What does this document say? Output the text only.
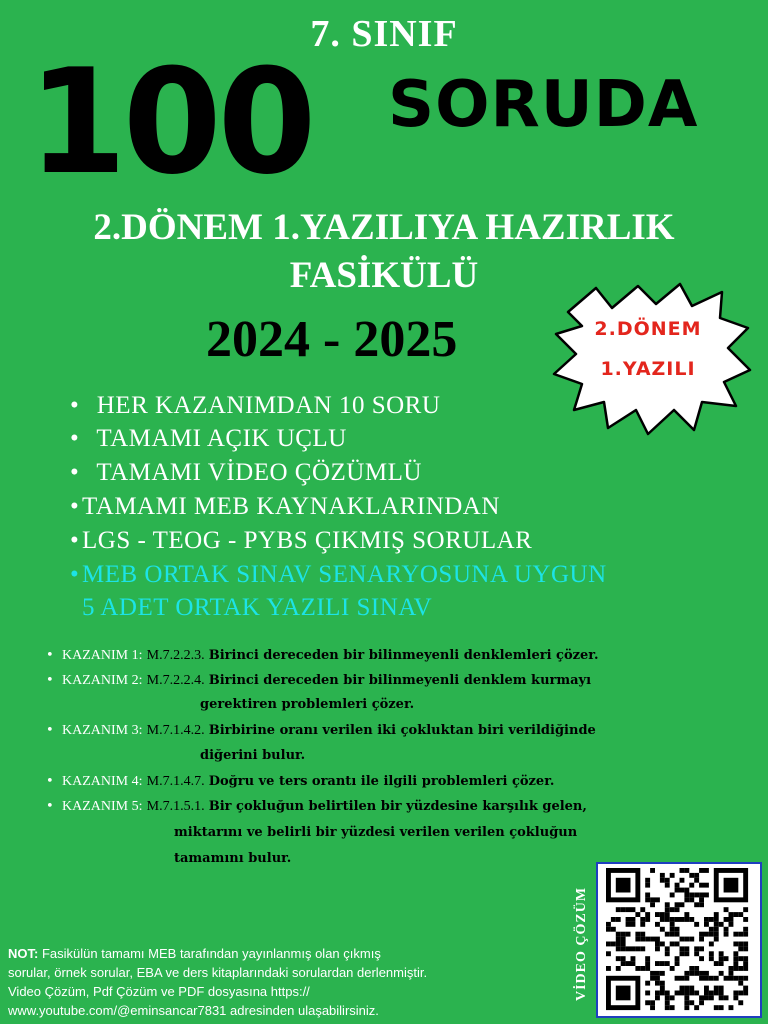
7. SINIF
100 SORUDA
2.DÖNEM 1.YAZILIYA HAZIRLIK
FASİKÜLÜ
2024 - 2025	2.DÖNEM
1.YAZILI
• HER KAZANIMDAN 10 SORU
• TAMAMI AÇIK UÇLU
• TAMAMI VİDEO ÇÖZÜMLÜ
• TAMAMI MEB KAYNAKLARINDAN
• LGS - TEOG - PYBS ÇIKMIŞ SORULAR
• MEB ORTAK SINAV SENARYOSUNA UYGUN
5 ADET ORTAK YAZILI SINAV
• KAZANIM 1: M.7.2.2.3. Birinci dereceden bir bilinmeyenli denklemleri çözer.
• KAZANIM 2: M.7.2.2.4. Birinci dereceden bir bilinmeyenli denklem kurmayı
gerektiren problemleri çözer.
• KAZANIM 3: M.7.1.4.2. Birbirine oranı verilen iki çokluktan biri verildiğinde
diğerini bulur.
• KAZANIM 4: M.7.1.4.7. Doğru ve ters orantı ile ilgili problemleri çözer.
• KAZANIM 5: M.7.1.5.1. Bir çokluğun belirtilen bir yüzdesine karşılık gelen,
miktarını ve belirli bir yüzdesi verilen verilen çokluğun
tamamını bulur.
NOT: Fasikülün tamamı MEB tarafından yayınlanmış olan çıkmış
sorular, örnek sorular, EBA ve ders kitaplarındaki sorulardan derlenmiştir.
Video Çözüm, Pdf Çözüm ve PDF dosyasına https://
www.youtube.com/@eminsancar7831 adresinden ulaşabilirsiniz.
VİDEO ÇÖZÜM
